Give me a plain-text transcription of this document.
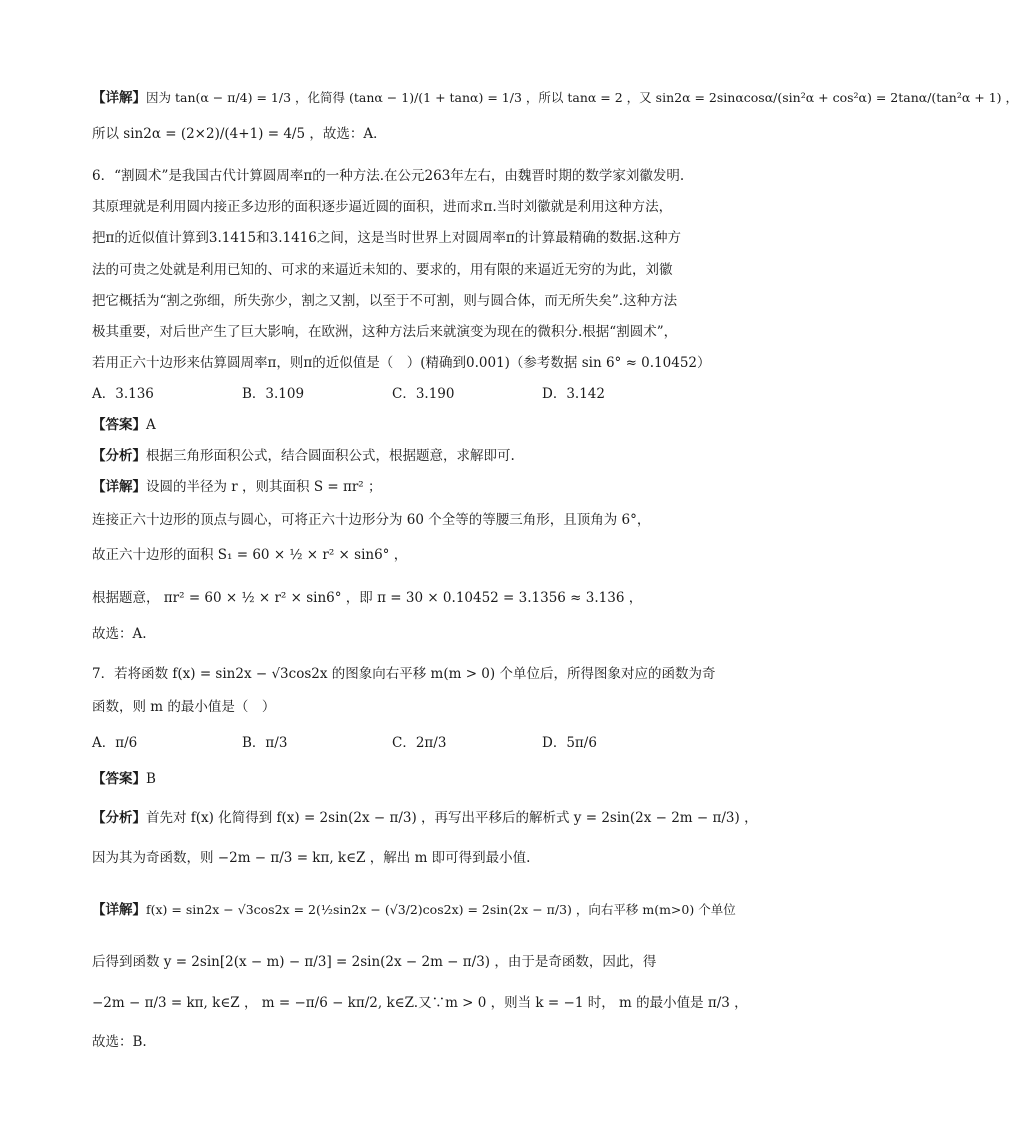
【详解】因为 tan(α − π/4) = 1/3 ，化简得 (tanα − 1)/(1 + tanα) = 1/3 ，所以 tanα = 2 ，又 sin2α = 2sinαcosα/(sin²α + cos²α) = 2tanα/(tan²α + 1) ，
所以 sin2α = (2×2)/(4+1) = 4/5 ，故选：A．
6．“割圆术”是我国古代计算圆周率π的一种方法.在公元263年左右，由魏晋时期的数学家刘徽发明.
其原理就是利用圆内接正多边形的面积逐步逼近圆的面积，进而求π.当时刘徽就是利用这种方法，
把π的近似值计算到3.1415和3.1416之间，这是当时世界上对圆周率π的计算最精确的数据.这种方
法的可贵之处就是利用已知的、可求的来逼近未知的、要求的，用有限的来逼近无穷的为此，刘徽
把它概括为“割之弥细，所失弥少，割之又割，以至于不可割，则与圆合体，而无所失矣”.这种方法
极其重要，对后世产生了巨大影响，在欧洲，这种方法后来就演变为现在的微积分.根据“割圆术”，
若用正六十边形来估算圆周率π，则π的近似值是（　）(精确到0.001)（参考数据 sin 6° ≈ 0.10452）
A．3.136	B．3.109	C．3.190	D．3.142
【答案】A
【分析】根据三角形面积公式，结合圆面积公式，根据题意，求解即可.
【详解】设圆的半径为 r ，则其面积 S = πr² ；
连接正六十边形的顶点与圆心，可将正六十边形分为 60 个全等的等腰三角形，且顶角为 6°，
故正六十边形的面积 S₁ = 60 × ½ × r² × sin6° ，
根据题意， πr² = 60 × ½ × r² × sin6° ，即 π = 30 × 0.10452 = 3.1356 ≈ 3.136 ，
故选：A.
7．若将函数 f(x) = sin2x − √3cos2x 的图象向右平移 m(m > 0) 个单位后，所得图象对应的函数为奇
函数，则 m 的最小值是（　）
A．π/6	B．π/3	C．2π/3	D．5π/6
【答案】B
【分析】首先对 f(x) 化简得到 f(x) = 2sin(2x − π/3) ，再写出平移后的解析式 y = 2sin(2x − 2m − π/3) ，
因为其为奇函数，则 −2m − π/3 = kπ, k∈Z ，解出 m 即可得到最小值.
【详解】f(x) = sin2x − √3cos2x = 2(½sin2x − (√3/2)cos2x) = 2sin(2x − π/3) ，向右平移 m(m>0) 个单位
后得到函数 y = 2sin[2(x − m) − π/3] = 2sin(2x − 2m − π/3) ，由于是奇函数，因此，得
−2m − π/3 = kπ, k∈Z ， m = −π/6 − kπ/2, k∈Z.又∵m > 0 ，则当 k = −1 时， m 的最小值是 π/3 ，
故选：B.
